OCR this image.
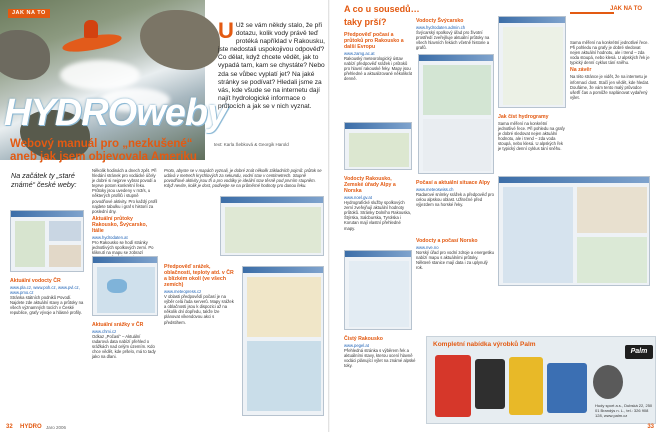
JAK NA TO
HYDROweby
Webový manuál pro „nezkušené“
aneb jak jsem objevovala Ameriku
U Už se vám někdy stalo, že při dotazu, kolik vody právě teď protéká například v Rakousku, jste nedostali uspokojivou odpověď? Co dělat, když chcete vědět, jak to vypadá tam, kam se chystáte? Nebo zda se vůbec vyplatí jet? Na jaké stránky se podívat? Hledali jsme za vás, kde všude se na internetu dají najít hydrologické informace o průtocích a jak se v nich vyznat.
text: Karla Šebková & Georgik Harold
Na začátek ty „staré známé“ české weby:
Aktuální vodocty ČR
www.pla.cz, www.poh.cz, www.pvl.cz, www.pmo.cz
Stránka státních podniků Povodí. Najdete zde aktuální stavy a průtoky na všech významných tocích v České republice, grafy vývoje a hlásné profily.
Několik hodinách a dnech zpět. Při hledání stránek pro vodácké účely je dobré si nejprve vybrat povodí a teprve potom konkrétní řeku. Průtoky jsou uvedeny v m3/s, u některých profilů i stupně povodňové aktivity. Pro každý profil najdete tabulku i graf s historií za poslední dny.
Aktuální průtoky Rakousko, Švýcarsko, Itálie
www.hydrodaten.at
Pro Rakousko se hodí stránky jednotlivých spolkových zemí. Po kliknutí na mapu se zobrazí
Aktuální srážky v ČR
www.chmi.cz
Odkaz „Počasí“ – Aktuální radarová data nabízí přehled o srážkách nad celým územím. Kdo chce vědět, kde pršelo, má to tady jako na dlani.
Proto, abyste se v mapách vyznali, je dobré znát několik základních pojmů: průtok se udává v metrech krychlových za sekundu, vodní stav v centimetrech. Stupně povodňové aktivity jsou tři a pro vodáky je ideální stav těsně pod prvním stupněm. Když nevíte, kolik je dost, podívejte se na průměrné hodnoty pro danou řeku.
Předpověď srážek, oblačnosti, teploty atd. v ČR a blízkém okolí (ve všech zemích)
www.meteopress.cz
V oblasti předpovědí počasí je na výběr celá řada serverů. Mapy srážek a oblačnosti jsou k dispozici až na několik dní dopředu, takže lze plánovat víkendovou akci s předstihem.
32 HYDRO Jaro 2006
A co u sousedů…
taky prší?
JAK NA TO
Předpověď počasí a průtoků pro Rakousko a další Evropu
www.zamg.ac.at
Rakouský meteorologický ústav nabízí předpověď srážek i průtoků pro hlavní rakouské řeky. Mapy jsou přehledné a aktualizované několikrát denně.
Vodocty Rakousko, Zemské úřady Alpy a Norska
www.noel.gv.at
Hydrografické služby spolkových zemí zveřejňují aktuální hodnoty průtoků. Stránky Dolního Rakouska, Štýrska, Salcburska, Tyrolska i Korutan mají vlastní přehledné mapy.
Vodocty Švýcarsko
www.hydrodaten.admin.ch
Švýcarský spolkový úřad pro životní prostředí zveřejňuje aktuální průtoky na všech hlavních řekách včetně historie a grafů.
Počasí a aktuální situace Alpy
www.meteoswiss.ch
Radarové snímky srážek a předpověď pro celou alpskou oblast. Užitečné před výjezdem na horské řeky.
Vodocty a počasí Norsko
www.nve.no
Norský úřad pro vodní zdroje a energetiku nabízí mapu s aktuálními průtoky. Některé stanice mají data i za uplynulý rok.
Jak číst hydrogramy
Sama měření na konkrétní jednotlivé řece. Při pohledu na grafy je dobré sledovat nejen aktuální hodnotu, ale i trend – zda voda stoupá, nebo klesá. U alpských řek je typický denní cyklus tání sněhu.
Sama měření na konkrétní jednotlivé řece. Při pohledu na grafy je dobré sledovat nejen aktuální hodnotu, ale i trend – zda voda stoupá, nebo klesá. U alpských řek je typický denní cyklus tání sněhu.
Na závěr
Na této stránce je vidět, že na internetu je informací dost. Stačí jen vědět, kde hledat. Doufáme, že vám tento malý průvodce ušetří čas a pomůže naplánovat vydařený výlet.
Čistý Rakousko
www.pegel.at
Přehledná stránka s výběrem řek a aktuálními stavy, kterou ocení hlavně vodáci plánující výlet na známé alpské toky.
Kompletní nabídka výrobků Palm
Palm
Hudy sport a.s., Dubská 22, 250 01 Brandýs n. L., tel.: 326 908 128, www.palm.cz
33
